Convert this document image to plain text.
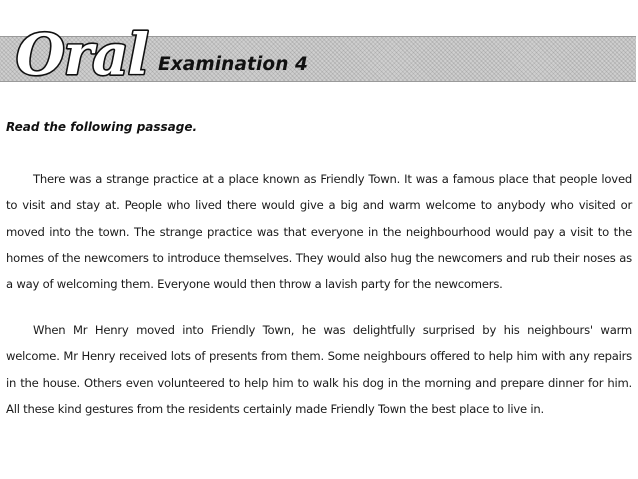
Oral Examination 4
Read the following passage.

There was a strange practice at a place known as Friendly Town. It was a famous place that people loved to visit and stay at. People who lived there would give a big and warm welcome to anybody who visited or moved into the town. The strange practice was that everyone in the neighbourhood would pay a visit to the homes of the newcomers to introduce themselves. They would also hug the newcomers and rub their noses as a way of welcoming them. Everyone would then throw a lavish party for the newcomers.

When Mr Henry moved into Friendly Town, he was delightfully surprised by his neighbours' warm welcome. Mr Henry received lots of presents from them. Some neighbours offered to help him with any repairs in the house. Others even volunteered to help him to walk his dog in the morning and prepare dinner for him. All these kind gestures from the residents certainly made Friendly Town the best place to live in.
